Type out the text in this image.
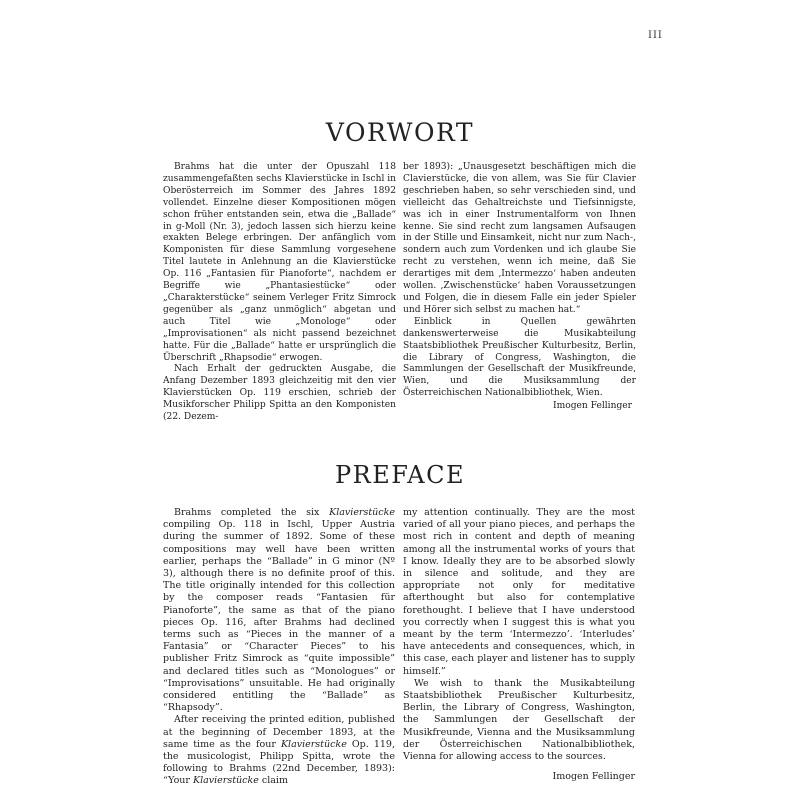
III
VORWORT

Brahms hat die unter der Opuszahl 118 zusammengefaßten sechs Klavierstücke in Ischl in Oberösterreich im Sommer des Jahres 1892 vollendet. Einzelne dieser Kompositionen mögen schon früher entstanden sein, etwa die „Ballade“ in g-Moll (Nr. 3), jedoch lassen sich hierzu keine exakten Belege erbringen. Der anfänglich vom Komponisten für diese Sammlung vorgesehene Titel lautete in Anlehnung an die Klavierstücke Op. 116 „Fantasien für Pianoforte“, nachdem er Begriffe wie „Phantasiestücke“ oder „Charakterstücke“ seinem Verleger Fritz Simrock gegenüber als „ganz unmöglich“ abgetan und auch Titel wie „Monologe“ oder „Improvisationen“ als nicht passend bezeichnet hatte. Für die „Ballade“ hatte er ursprünglich die Überschrift „Rhapsodie“ erwogen.

Nach Erhalt der gedruckten Ausgabe, die Anfang Dezember 1893 gleichzeitig mit den vier Klavierstücken Op. 119 erschien, schrieb der Musikforscher Philipp Spitta an den Komponisten (22. Dezem-

ber 1893): „Unausgesetzt beschäftigen mich die Clavierstücke, die von allem, was Sie für Clavier geschrieben haben, so sehr verschieden sind, und vielleicht das Gehaltreichste und Tiefsinnigste, was ich in einer Instrumentalform von Ihnen kenne. Sie sind recht zum langsamen Aufsaugen in der Stille und Einsamkeit, nicht nur zum Nach-, sondern auch zum Vordenken und ich glaube Sie recht zu verstehen, wenn ich meine, daß Sie derartiges mit dem ‚Intermezzo‘ haben andeuten wollen. ‚Zwischenstücke‘ haben Voraussetzungen und Folgen, die in diesem Falle ein jeder Spieler und Hörer sich selbst zu machen hat.“

Einblick in Quellen gewährten dankenswerterweise die Musikabteilung Staatsbibliothek Preußischer Kulturbesitz, Berlin, die Library of Congress, Washington, die Sammlungen der Gesellschaft der Musikfreunde, Wien, und die Musiksammlung der Österreichischen Nationalbibliothek, Wien.

Imogen Fellinger

PREFACE

Brahms completed the six Klavierstücke compiling Op. 118 in Ischl, Upper Austria during the summer of 1892. Some of these compositions may well have been written earlier, perhaps the “Ballade” in G minor (Nº 3), although there is no definite proof of this. The title originally intended for this collection by the composer reads “Fantasien für Pianoforte”, the same as that of the piano pieces Op. 116, after Brahms had declined terms such as “Pieces in the manner of a Fantasia” or “Character Pieces” to his publisher Fritz Simrock as “quite impossible” and declared titles such as “Monologues” or “Improvisations” unsuitable. He had originally considered entitling the “Ballade” as “Rhapsody”.

After receiving the printed edition, published at the beginning of December 1893, at the same time as the four Klavierstücke Op. 119, the musicologist, Philipp Spitta, wrote the following to Brahms (22nd December, 1893): “Your Klavierstücke claim

my attention continually. They are the most varied of all your piano pieces, and perhaps the most rich in content and depth of meaning among all the instrumental works of yours that I know. Ideally they are to be absorbed slowly in silence and solitude, and they are appropriate not only for meditative afterthought but also for contemplative forethought. I believe that I have understood you correctly when I suggest this is what you meant by the term ‘Intermezzo’. ‘Interludes’ have antecedents and consequences, which, in this case, each player and listener has to supply himself.”

We wish to thank the Musikabteilung Staatsbibliothek Preußischer Kulturbesitz, Berlin, the Library of Congress, Washington, the Sammlungen der Gesellschaft der Musikfreunde, Vienna and the Musiksammlung der Österreichischen Nationalbibliothek, Vienna for allowing access to the sources.

Imogen Fellinger
